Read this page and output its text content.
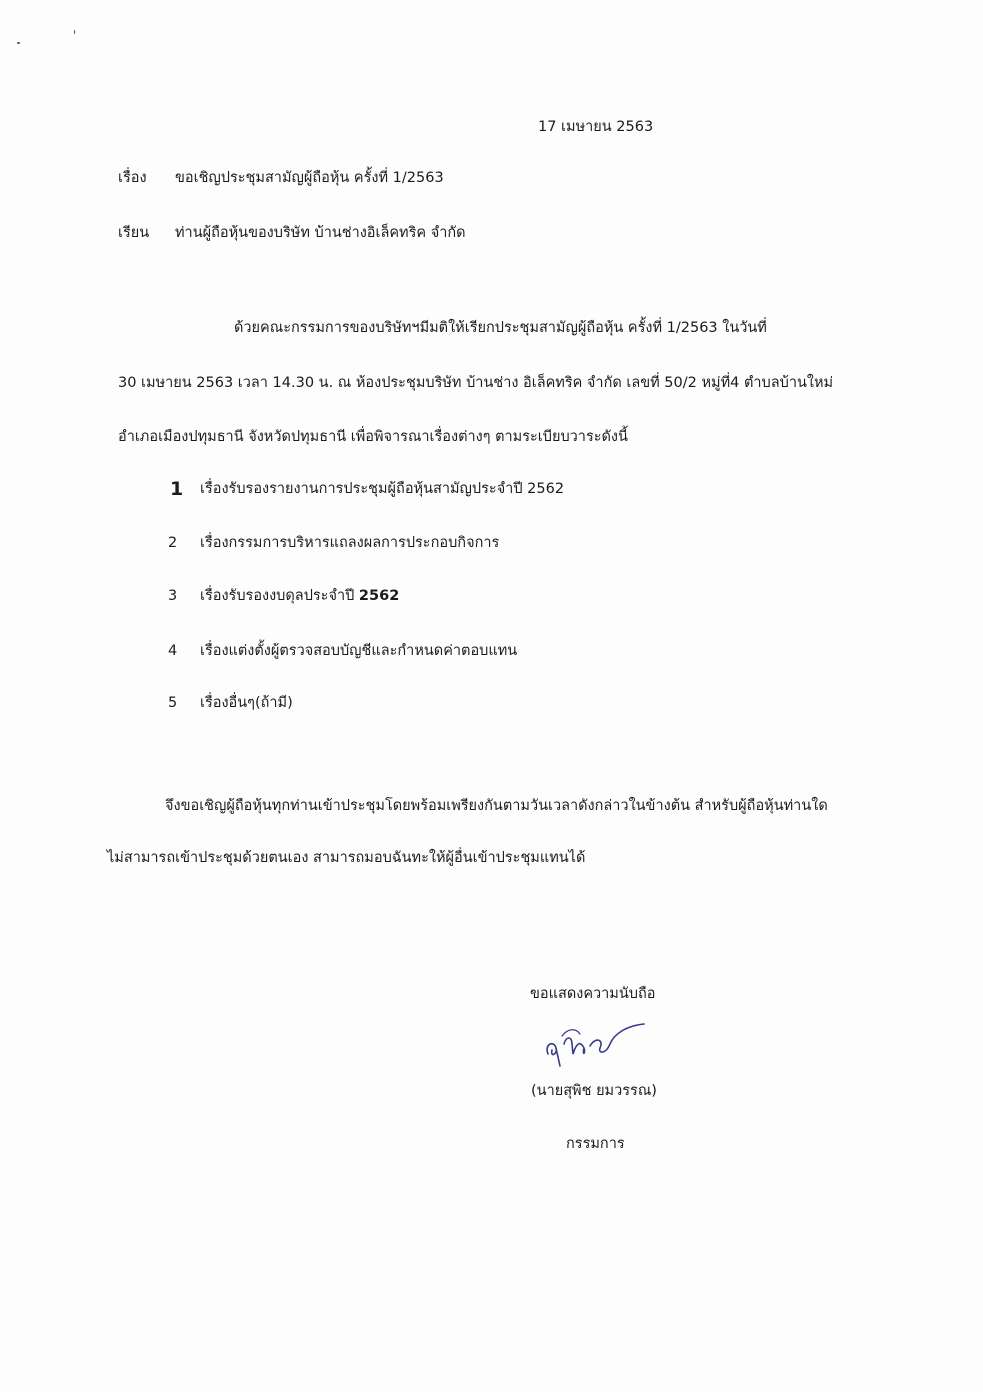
17 เมษายน 2563
เรื่อง ขอเชิญประชุมสามัญผู้ถือหุ้น ครั้งที่ 1/2563
เรียน ท่านผู้ถือหุ้นของบริษัท บ้านช่างอิเล็คทริค จำกัด
ด้วยคณะกรรมการของบริษัทฯมีมติให้เรียกประชุมสามัญผู้ถือหุ้น ครั้งที่ 1/2563 ในวันที่
30 เมษายน 2563 เวลา 14.30 น. ณ ห้องประชุมบริษัท บ้านช่าง อิเล็คทริค จำกัด เลขที่ 50/2 หมู่ที่4 ตำบลบ้านใหม่
อำเภอเมืองปทุมธานี จังหวัดปทุมธานี เพื่อพิจารณาเรื่องต่างๆ ตามระเบียบวาระดังนี้
1 เรื่องรับรองรายงานการประชุมผู้ถือหุ้นสามัญประจำปี 2562
2 เรื่องกรรมการบริหารแถลงผลการประกอบกิจการ
3 เรื่องรับรองงบดุลประจำปี 2562
4 เรื่องแต่งตั้งผู้ตรวจสอบบัญชีและกำหนดค่าตอบแทน
5 เรื่องอื่นๆ(ถ้ามี)
จึงขอเชิญผู้ถือหุ้นทุกท่านเข้าประชุมโดยพร้อมเพรียงกันตามวันเวลาดังกล่าวในข้างต้น สำหรับผู้ถือหุ้นท่านใด
ไม่สามารถเข้าประชุมด้วยตนเอง สามารถมอบฉันทะให้ผู้อื่นเข้าประชุมแทนได้
ขอแสดงความนับถือ
(นายสุพิช ยมวรรณ)
กรรมการ
